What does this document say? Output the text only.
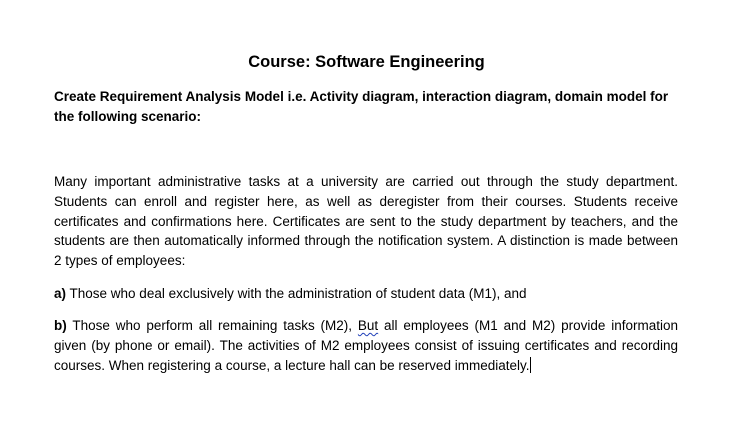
Course: Software Engineering

Create Requirement Analysis Model i.e. Activity diagram, interaction diagram, domain model for the following scenario:

Many important administrative tasks at a university are carried out through the study department. Students can enroll and register here, as well as deregister from their courses. Students receive certificates and confirmations here. Certificates are sent to the study department by teachers, and the students are then automatically informed through the notification system. A distinction is made between 2 types of employees:

a) Those who deal exclusively with the administration of student data (M1), and

b) Those who perform all remaining tasks (M2), But all employees (M1 and M2) provide information given (by phone or email). The activities of M2 employees consist of issuing certificates and recording courses. When registering a course, a lecture hall can be reserved immediately.
